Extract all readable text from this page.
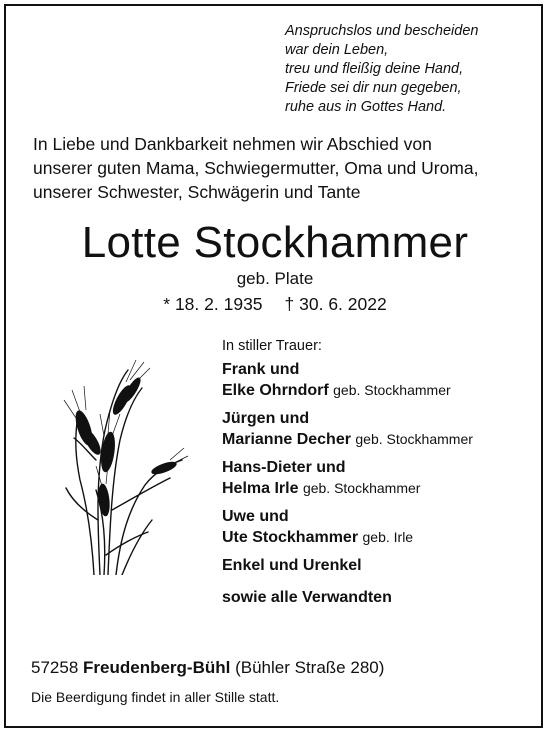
Anspruchslos und bescheiden
war dein Leben,
treu und fleißig deine Hand,
Friede sei dir nun gegeben,
ruhe aus in Gottes Hand.
In Liebe und Dankbarkeit nehmen wir Abschied von
unserer guten Mama, Schwiegermutter, Oma und Uroma,
unserer Schwester, Schwägerin und Tante
Lotte Stockhammer
geb. Plate
* 18. 2. 1935 † 30. 6. 2022
In stiller Trauer:
Frank und
Elke Ohrndorf geb. Stockhammer
Jürgen und
Marianne Decher geb. Stockhammer
Hans-Dieter und
Helma Irle geb. Stockhammer
Uwe und
Ute Stockhammer geb. Irle
Enkel und Urenkel
sowie alle Verwandten
57258 Freudenberg-Bühl (Bühler Straße 280)
Die Beerdigung findet in aller Stille statt.
